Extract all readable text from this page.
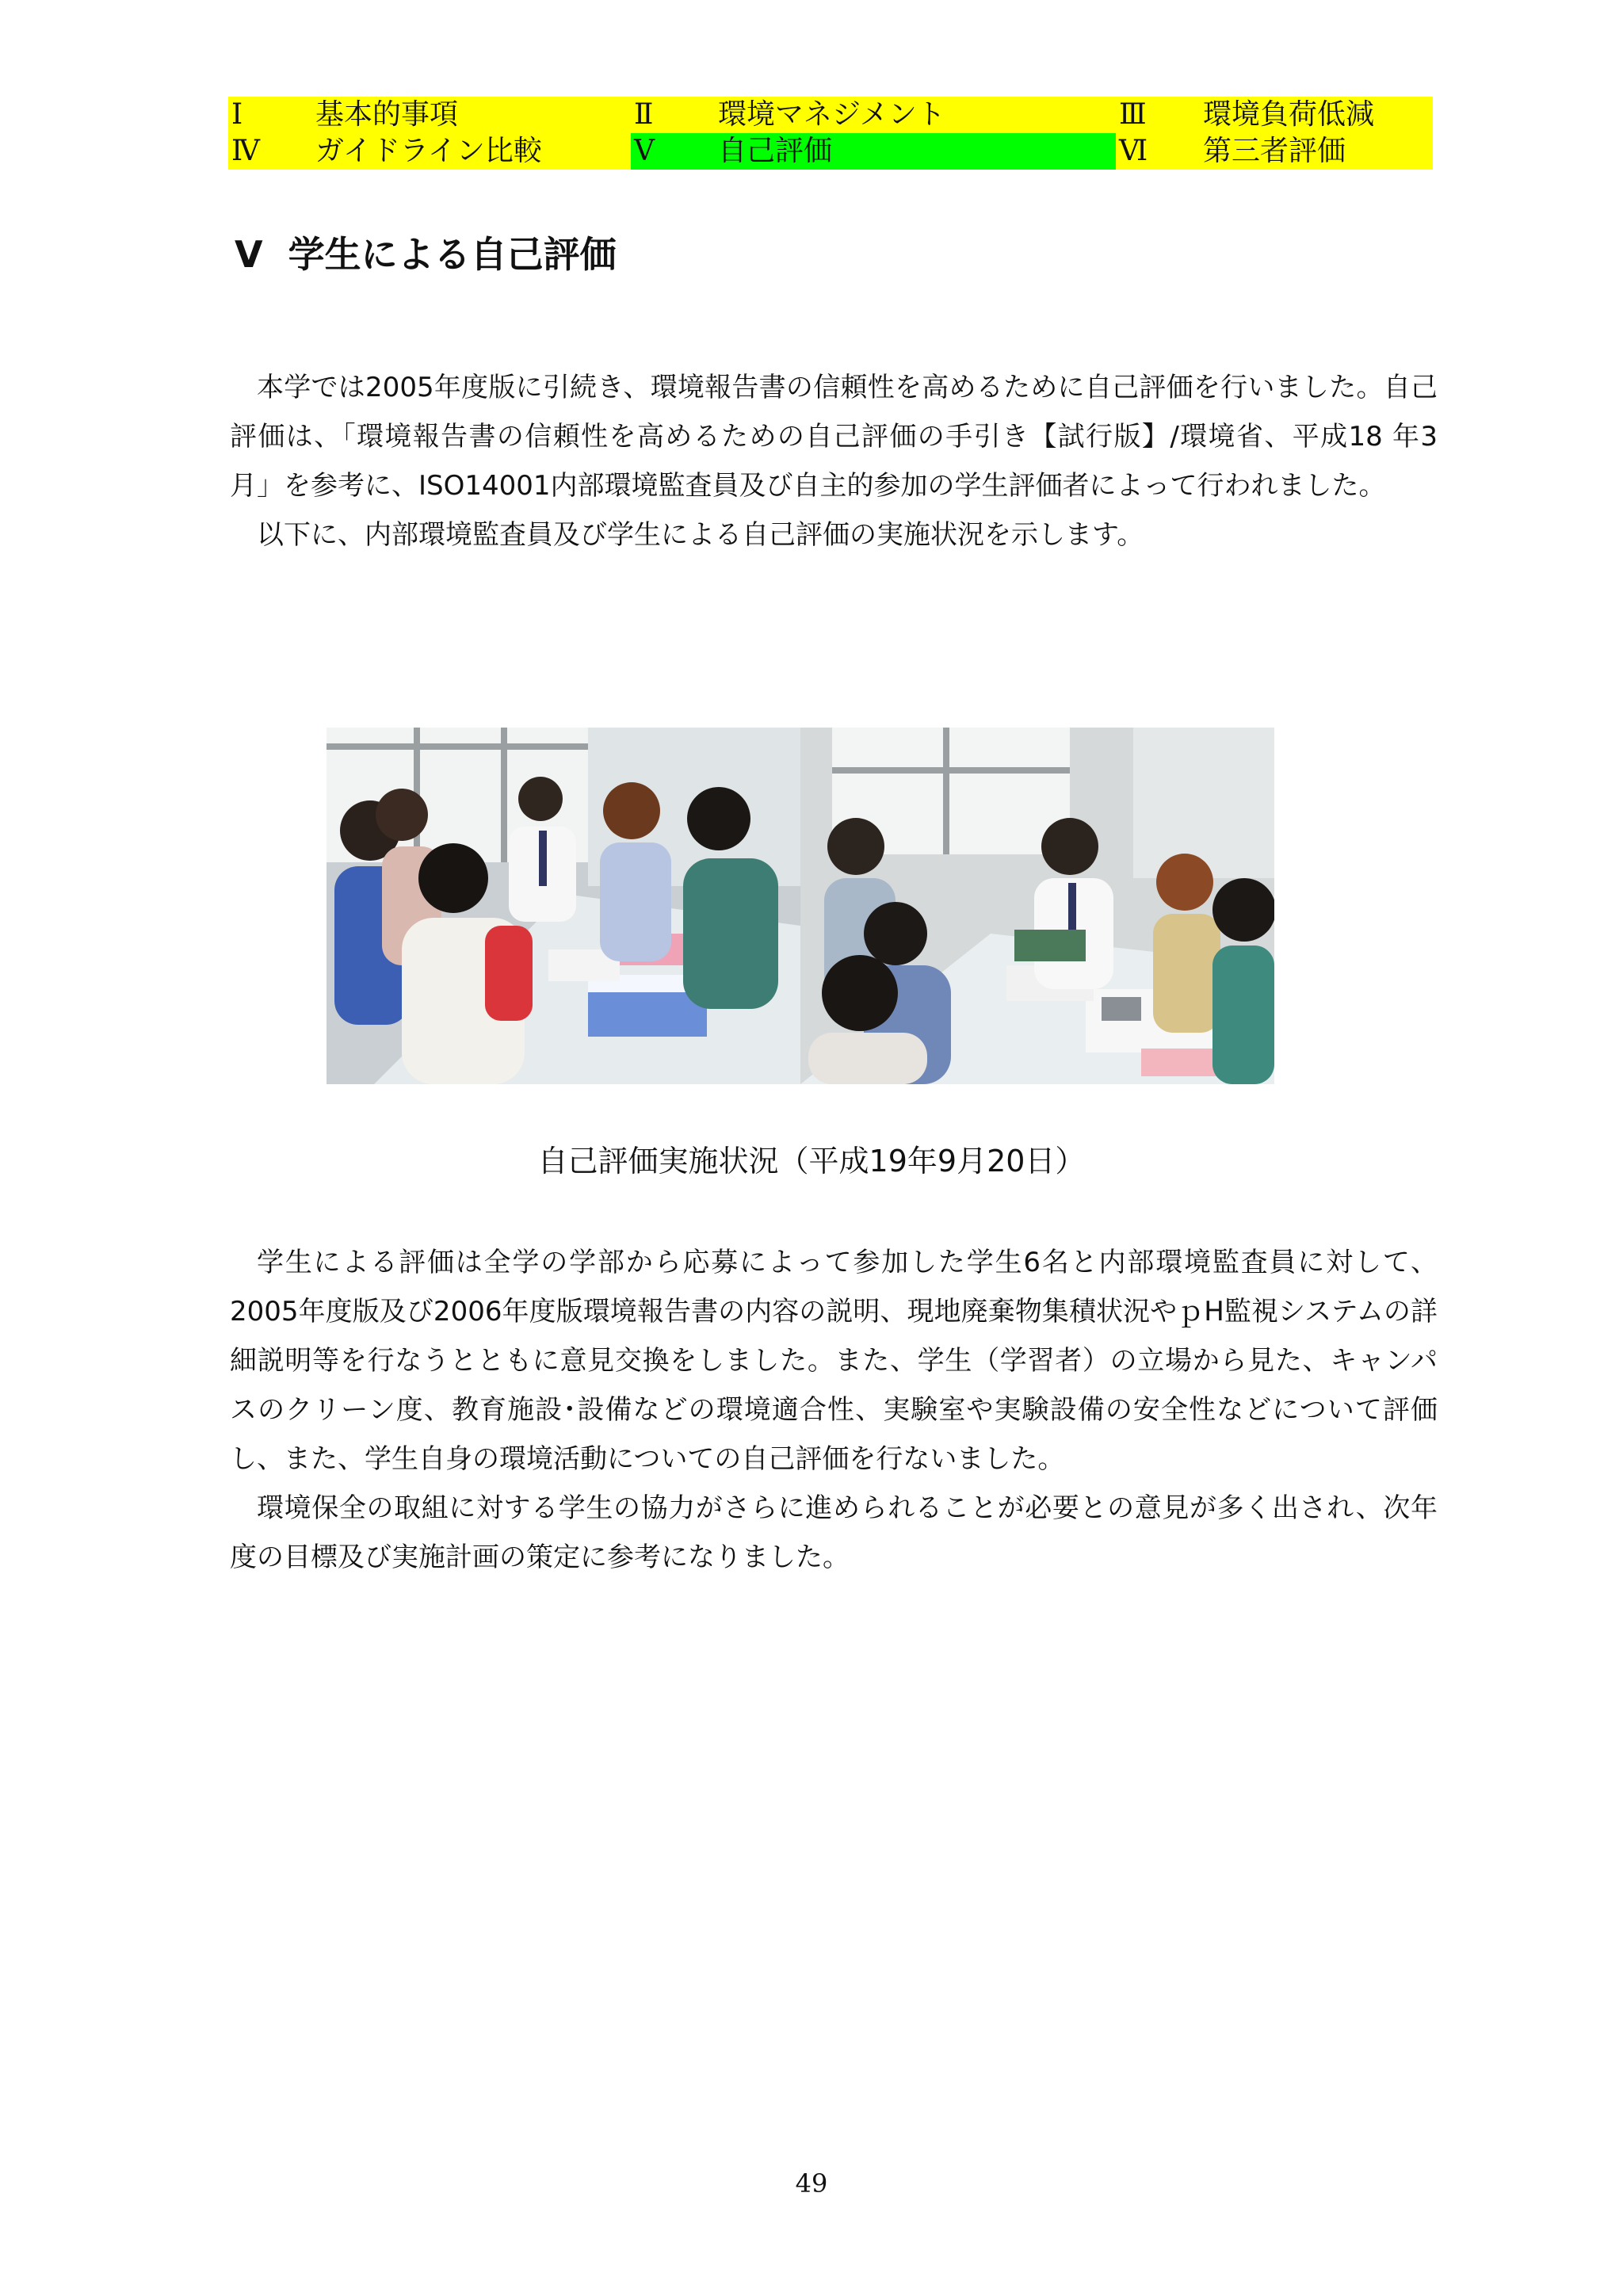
Ⅰ	基本的事項	Ⅱ	環境マネジメント	Ⅲ	環境負荷低減
Ⅳ	ガイドライン比較	Ⅴ	自己評価	Ⅵ	第三者評価
V 学生による自己評価

本学では2005年度版に引続き、環境報告書の信頼性を高めるために自己評価を行いました。自己評価は、「環境報告書の信頼性を高めるための自己評価の手引き【試行版】/環境省、平成18 年3 月」を参考に、ISO14001内部環境監査員及び自主的参加の学生評価者によって行われました。

以下に、内部環境監査員及び学生による自己評価の実施状況を示します。

自己評価実施状況（平成19年9月20日）

学生による評価は全学の学部から応募によって参加した学生6名と内部環境監査員に対して、2005年度版及び2006年度版環境報告書の内容の説明、現地廃棄物集積状況やｐH監視システムの詳細説明等を行なうとともに意見交換をしました。また、学生（学習者）の立場から見た、キャンパスのクリーン度、教育施設･設備などの環境適合性、実験室や実験設備の安全性などについて評価し、また、学生自身の環境活動についての自己評価を行ないました。

環境保全の取組に対する学生の協力がさらに進められることが必要との意見が多く出され、次年度の目標及び実施計画の策定に参考になりました。

49
